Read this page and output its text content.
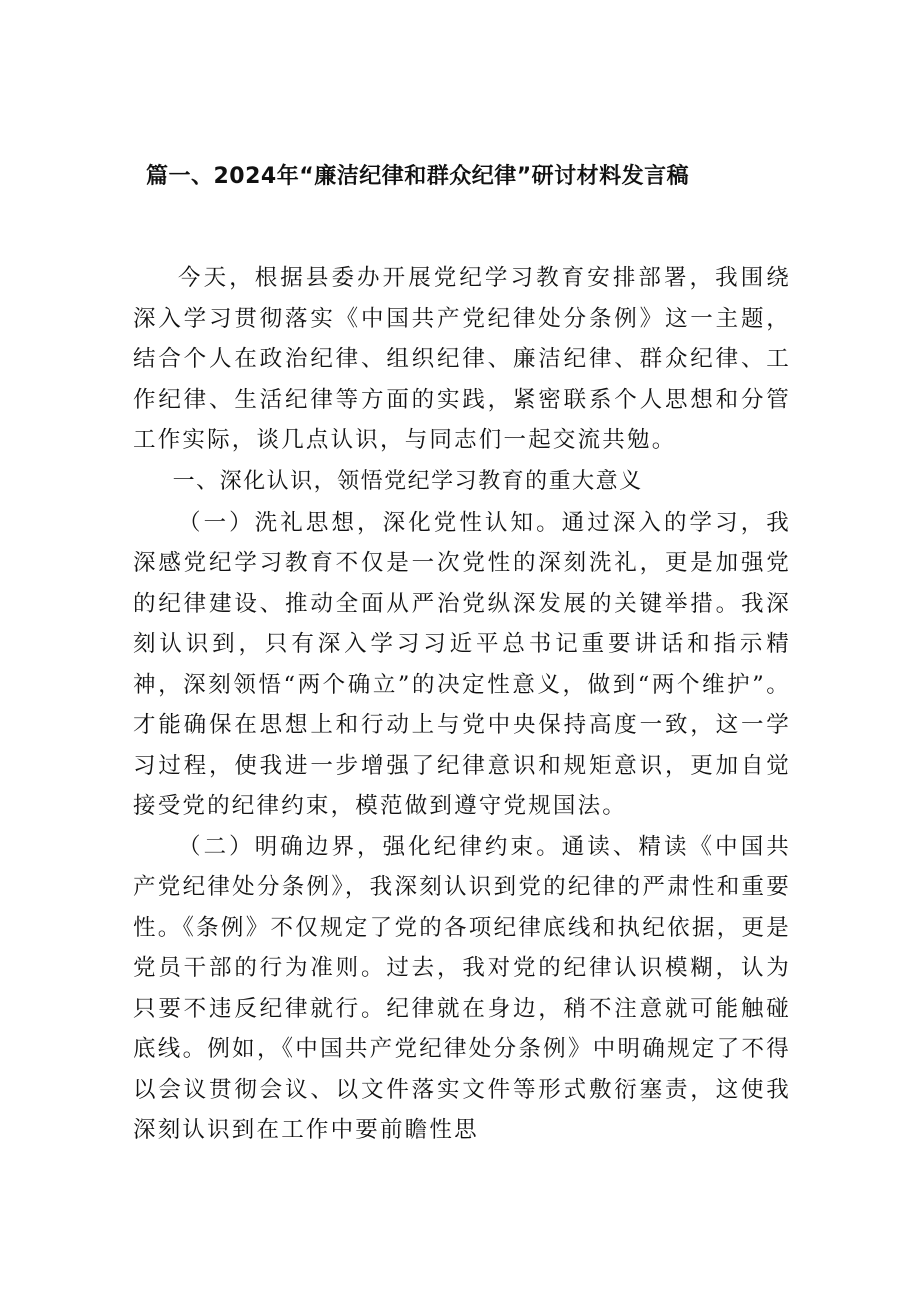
篇一、2024年“廉洁纪律和群众纪律”研讨材料发言稿

今天，根据县委办开展党纪学习教育安排部署，我围绕深入学习贯彻落实《中国共产党纪律处分条例》这一主题，结合个人在政治纪律、组织纪律、廉洁纪律、群众纪律、工作纪律、生活纪律等方面的实践，紧密联系个人思想和分管工作实际，谈几点认识，与同志们一起交流共勉。

一、深化认识，领悟党纪学习教育的重大意义

（一）洗礼思想，深化党性认知。通过深入的学习，我深感党纪学习教育不仅是一次党性的深刻洗礼，更是加强党的纪律建设、推动全面从严治党纵深发展的关键举措。我深刻认识到，只有深入学习习近平总书记重要讲话和指示精神，深刻领悟“两个确立”的决定性意义，做到“两个维护”。才能确保在思想上和行动上与党中央保持高度一致，这一学习过程，使我进一步增强了纪律意识和规矩意识，更加自觉接受党的纪律约束，模范做到遵守党规国法。

（二）明确边界，强化纪律约束。通读、精读《中国共产党纪律处分条例》，我深刻认识到党的纪律的严肃性和重要性。《条例》不仅规定了党的各项纪律底线和执纪依据，更是党员干部的行为准则。过去，我对党的纪律认识模糊，认为只要不违反纪律就行。纪律就在身边，稍不注意就可能触碰底线。例如，《中国共产党纪律处分条例》中明确规定了不得以会议贯彻会议、以文件落实文件等形式敷衍塞责，这使我深刻认识到在工作中要前瞻性思
